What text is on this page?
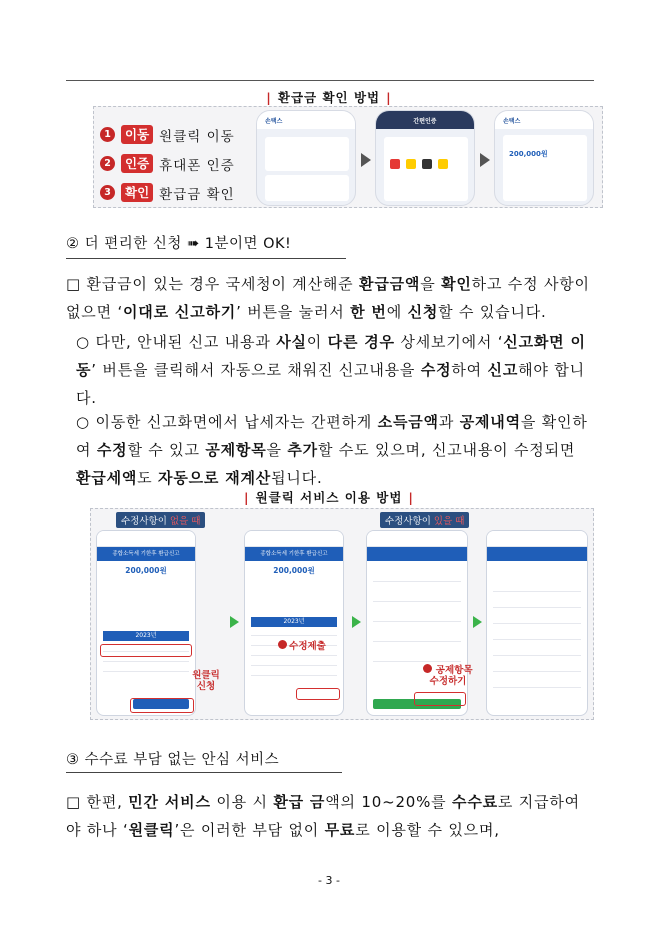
| 환급금 확인 방법 |
1	이동 원클릭 이동
2	인증 휴대폰 인증
3	확인 환급금 확인
손택스	간편인증	손택스
200,000원
② 더 편리한 신청 ➠ 1분이면 OK!
□ 환급금이 있는 경우 국세청이 계산해준 환급금액을 확인하고 수정 사항이 없으면 ‘이대로 신고하기’ 버튼을 눌러서 한 번에 신청할 수 있습니다.
○ 다만, 안내된 신고 내용과 사실이 다른 경우 상세보기에서 ‘신고화면 이동’ 버튼을 클릭해서 자동으로 채워진 신고내용을 수정하여 신고해야 합니다.
○ 이동한 신고화면에서 납세자는 간편하게 소득금액과 공제내역을 확인하여 수정할 수 있고 공제항목을 추가할 수도 있으며, 신고내용이 수정되면 환급세액도 자동으로 재계산됩니다.
| 원클릭 서비스 이용 방법 |
수정사항이 없을 때	수정사항이 있을 때
종합소득세 기한후 환급신고
200,000원
2023년
원클릭
신청
종합소득세 기한후 환급신고
200,000원
2023년
수정제출
공제항목
수정하기
③ 수수료 부담 없는 안심 서비스
□ 한편, 민간 서비스 이용 시 환급 금액의 10~20%를 수수료로 지급하여야 하나 ‘원클릭’은 이러한 부담 없이 무료로 이용할 수 있으며,
- 3 -
